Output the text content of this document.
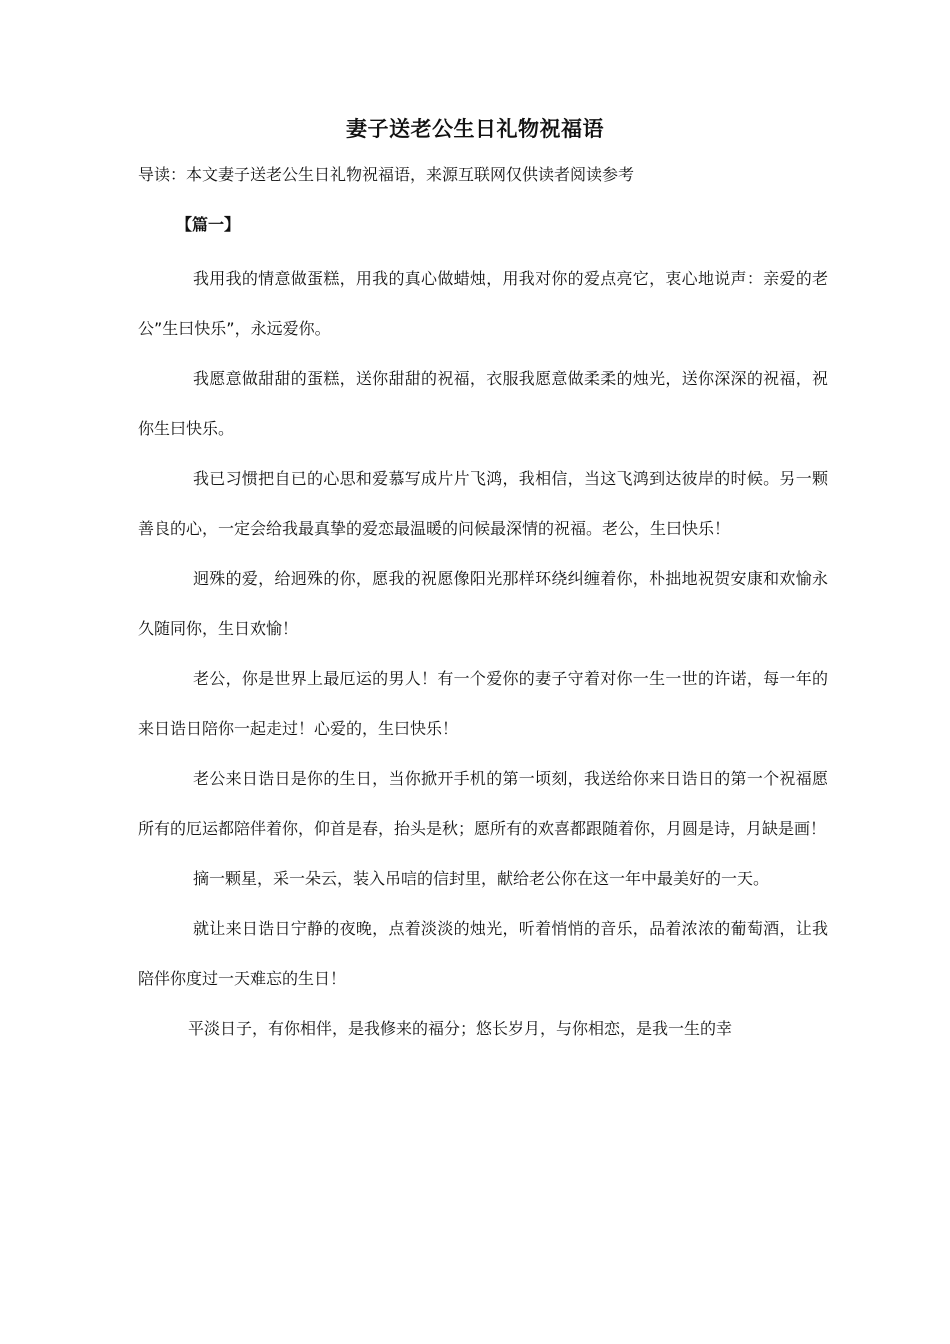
妻子送老公生日礼物祝福语
导读：本文妻子送老公生日礼物祝福语，来源互联网仅供读者阅读参考
【篇一】

我用我的情意做蛋糕，用我的真心做蜡烛，用我对你的爱点亮它，衷心地说声：亲爱的老公”生曰快乐”，永远爱你。

我愿意做甜甜的蛋糕，送你甜甜的祝福，衣服我愿意做柔柔的烛光，送你深深的祝福，祝你生曰快乐。

我已习惯把自已的心思和爱慕写成片片飞鸿，我相信，当这飞鸿到达彼岸的时候。另一颗善良的心，一定会给我最真挚的爱恋最温暖的问候最深情的祝福。老公，生曰快乐！

迥殊的爱，给迥殊的你，愿我的祝愿像阳光那样环绕纠缠着你，朴拙地祝贺安康和欢愉永久随同你，生日欢愉！

老公，你是世界上最厄运的男人！有一个爱你的妻子守着对你一生一世的许诺，每一年的来日诰日陪你一起走过！心爱的，生曰快乐！

老公来日诰日是你的生日，当你掀开手机的第一顷刻，我送给你来日诰日的第一个祝福愿所有的厄运都陪伴着你，仰首是春，抬头是秋；愿所有的欢喜都跟随着你，月圆是诗，月缺是画！

摘一颗星，采一朵云，装入吊唁的信封里，献给老公你在这一年中最美好的一天。

就让来日诰日宁静的夜晚，点着淡淡的烛光，听着悄悄的音乐，品着浓浓的葡萄酒，让我陪伴你度过一天难忘的生日！

平淡日子，有你相伴，是我修来的福分；悠长岁月，与你相恋，是我一生的幸
